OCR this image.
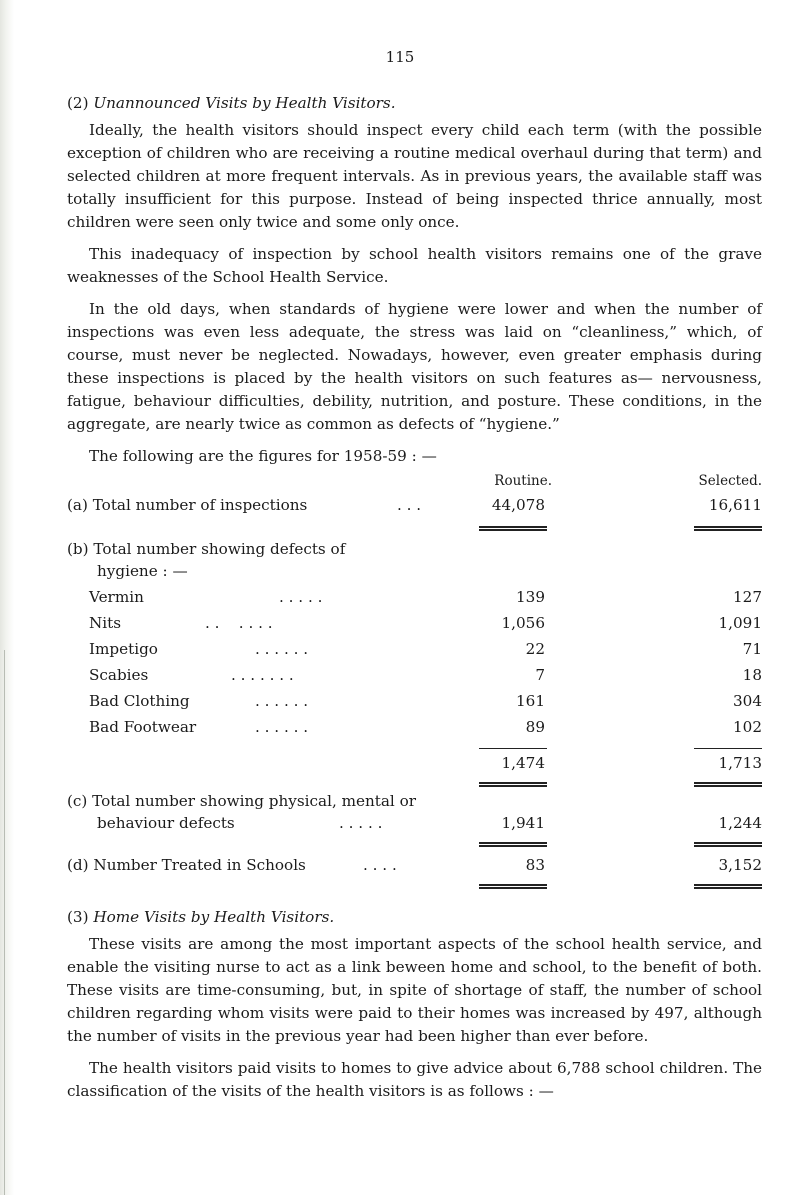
115
(2) Unannounced Visits by Health Visitors.

Ideally, the health visitors should inspect every child each term (with the possible exception of children who are receiving a routine medical overhaul during that term) and selected children at more frequent intervals. As in previous years, the available staff was totally insufficient for this purpose. Instead of being inspected thrice annually, most children were seen only twice and some only once.

This inadequacy of inspection by school health visitors remains one of the grave weaknesses of the School Health Service.

In the old days, when standards of hygiene were lower and when the number of inspections was even less adequate, the stress was laid on “cleanliness,” which, of course, must never be neglected. Nowadays, however, even greater emphasis during these inspections is placed by the health visitors on such features as— nervousness, fatigue, behaviour difficulties, debility, nutrition, and posture. These conditions, in the aggregate, are nearly twice as common as defects of “hygiene.”

The following are the figures for 1958-59 : —
Routine.	Selected.
(a) Total number of inspections	. . .	44,078	16,611
(b) Total number showing defects of
hygiene : —
Vermin	. . . . .	139	127
Nits	. .    . . . .	1,056	1,091
Impetigo	. . . . . .	22	71
Scabies	. . . . . . .	7	18
Bad Clothing	. . . . . .	161	304
Bad Footwear	. . . . . .	89	102
1,474	1,713
(c) Total number showing physical, mental or
behaviour defects	. . . . .	1,941	1,244
(d) Number Treated in Schools	. . . .	83	3,152
(3) Home Visits by Health Visitors.

These visits are among the most important aspects of the school health service, and enable the visiting nurse to act as a link beween home and school, to the benefit of both. These visits are time-consuming, but, in spite of shortage of staff, the number of school children regarding whom visits were paid to their homes was increased by 497, although the number of visits in the previous year had been higher than ever before.

The health visitors paid visits to homes to give advice about 6,788 school children. The classification of the visits of the health visitors is as follows : —
